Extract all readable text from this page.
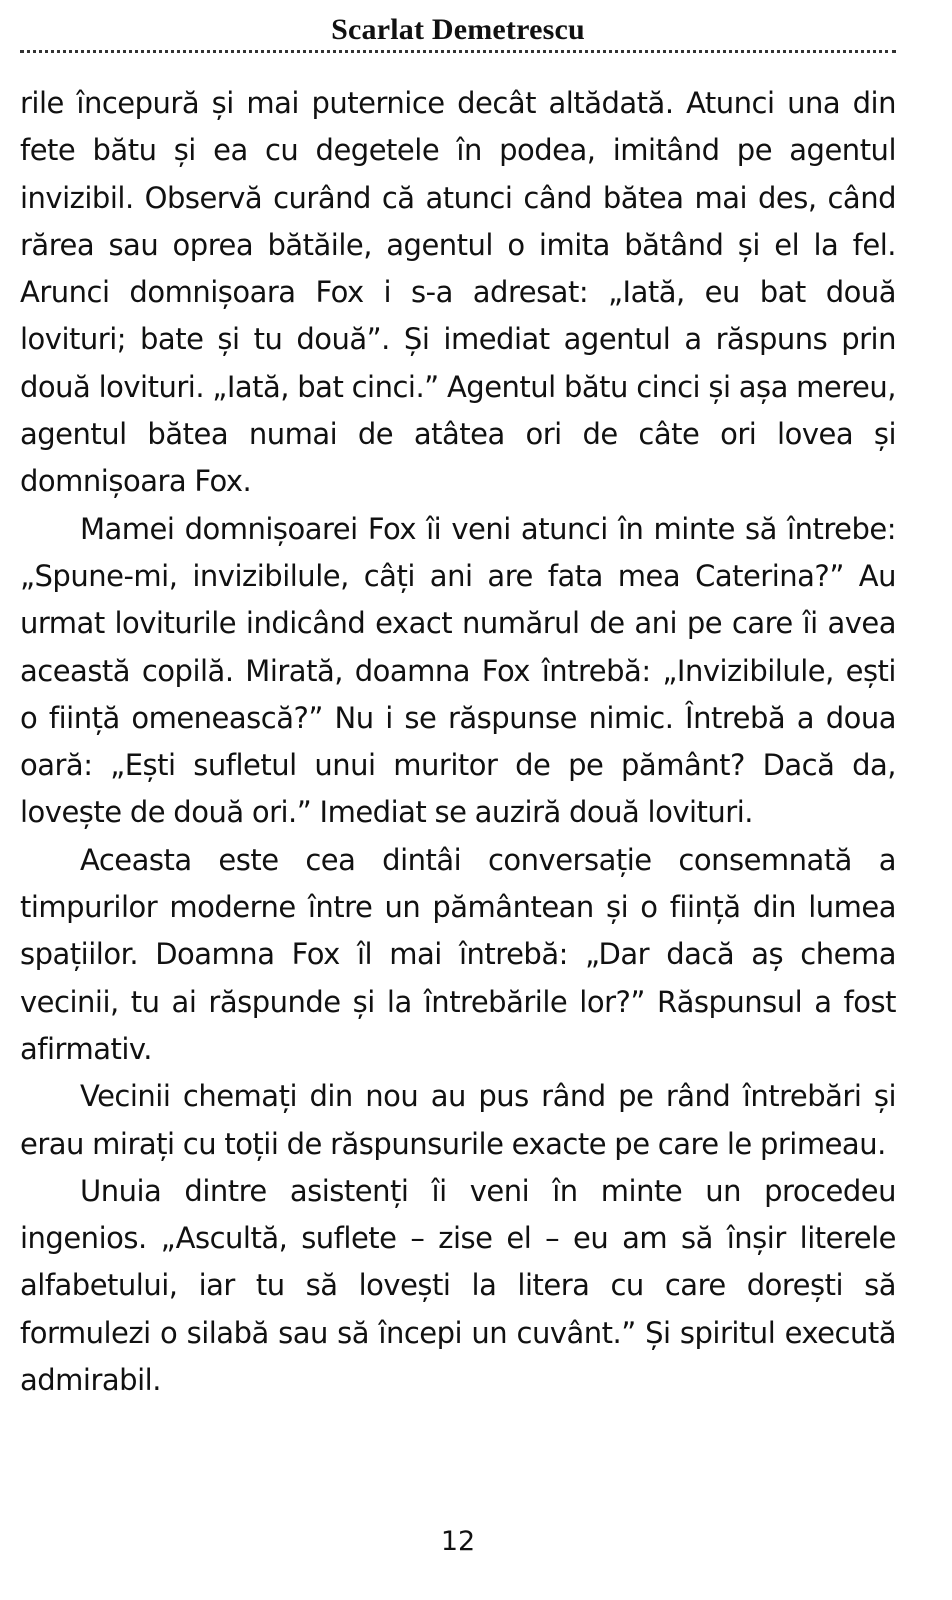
Scarlat Demetrescu

rile începură și mai puternice decât altădată. Atunci una din fete bătu și ea cu degetele în podea, imitând pe agentul invizibil. Observă curând că atunci când bătea mai des, când rărea sau oprea bătăile, agentul o imita bătând și el la fel. Arunci domnișoara Fox i s-a adresat: „Iată, eu bat două lovituri; bate și tu două”. Și imediat agentul a răspuns prin două lovituri. „Iată, bat cinci.” Agentul bătu cinci și așa mereu, agentul bătea numai de atâtea ori de câte ori lovea și domnișoara Fox.

Mamei domnișoarei Fox îi veni atunci în minte să întrebe: „Spune-mi, invizibilule, câți ani are fata mea Caterina?” Au urmat loviturile indicând exact numărul de ani pe care îi avea această copilă. Mirată, doamna Fox întrebă: „Invizibilule, ești o ființă omenească?” Nu i se răspunse nimic. Întrebă a doua oară: „Ești sufletul unui muritor de pe pământ? Dacă da, lovește de două ori.” Imediat se auziră două lovituri.

Aceasta este cea dintâi conversație consemnată a timpurilor moderne între un pământean și o ființă din lumea spațiilor. Doamna Fox îl mai întrebă: „Dar dacă aș chema vecinii, tu ai răspunde și la întrebările lor?” Răspunsul a fost afirmativ.

Vecinii chemați din nou au pus rând pe rând întrebări și erau mirați cu toții de răspunsurile exacte pe care le primeau.

Unuia dintre asistenți îi veni în minte un procedeu ingenios. „Ascultă, suflete – zise el – eu am să înșir literele alfabetului, iar tu să lovești la litera cu care dorești să formulezi o silabă sau să începi un cuvânt.” Și spiritul execută admirabil.

12
